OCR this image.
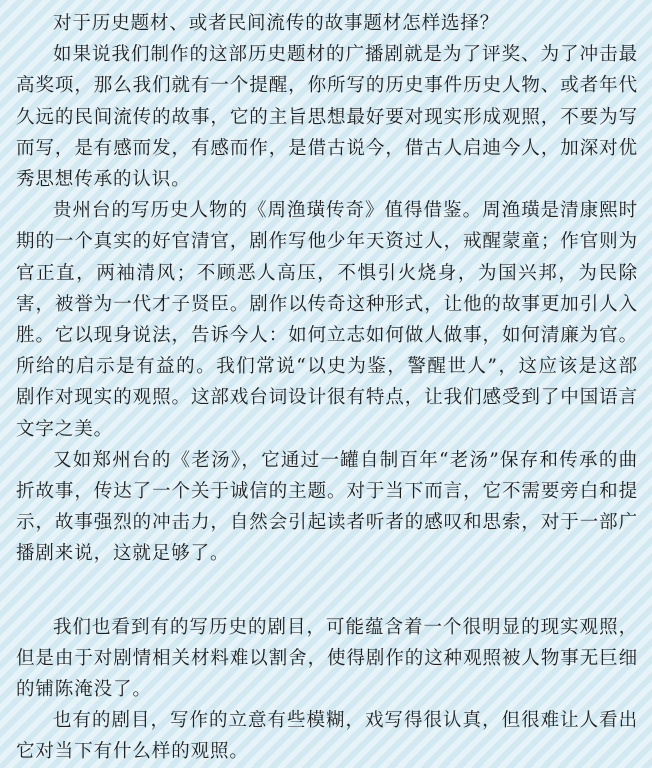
对于历史题材、或者民间流传的故事题材怎样选择？

如果说我们制作的这部历史题材的广播剧就是为了评奖、为了冲击最高奖项，那么我们就有一个提醒，你所写的历史事件历史人物、或者年代久远的民间流传的故事，它的主旨思想最好要对现实形成观照，不要为写而写，是有感而发，有感而作，是借古说今，借古人启迪今人，加深对优秀思想传承的认识。

贵州台的写历史人物的《周渔璜传奇》值得借鉴。周渔璜是清康熙时期的一个真实的好官清官，剧作写他少年天资过人，戒醒蒙童；作官则为官正直，两袖清风；不顾恶人高压，不惧引火烧身，为国兴邦，为民除害，被誉为一代才子贤臣。剧作以传奇这种形式，让他的故事更加引人入胜。它以现身说法，告诉今人：如何立志如何做人做事，如何清廉为官。所给的启示是有益的。我们常说“以史为鉴，警醒世人”，这应该是这部剧作对现实的观照。这部戏台词设计很有特点，让我们感受到了中国语言文字之美。

又如郑州台的《老汤》，它通过一罐自制百年“老汤”保存和传承的曲折故事，传达了一个关于诚信的主题。对于当下而言，它不需要旁白和提示，故事强烈的冲击力，自然会引起读者听者的感叹和思索，对于一部广播剧来说，这就足够了。

我们也看到有的写历史的剧目，可能蕴含着一个很明显的现实观照，但是由于对剧情相关材料难以割舍，使得剧作的这种观照被人物事无巨细的铺陈淹没了。

也有的剧目，写作的立意有些模糊，戏写得很认真，但很难让人看出它对当下有什么样的观照。
